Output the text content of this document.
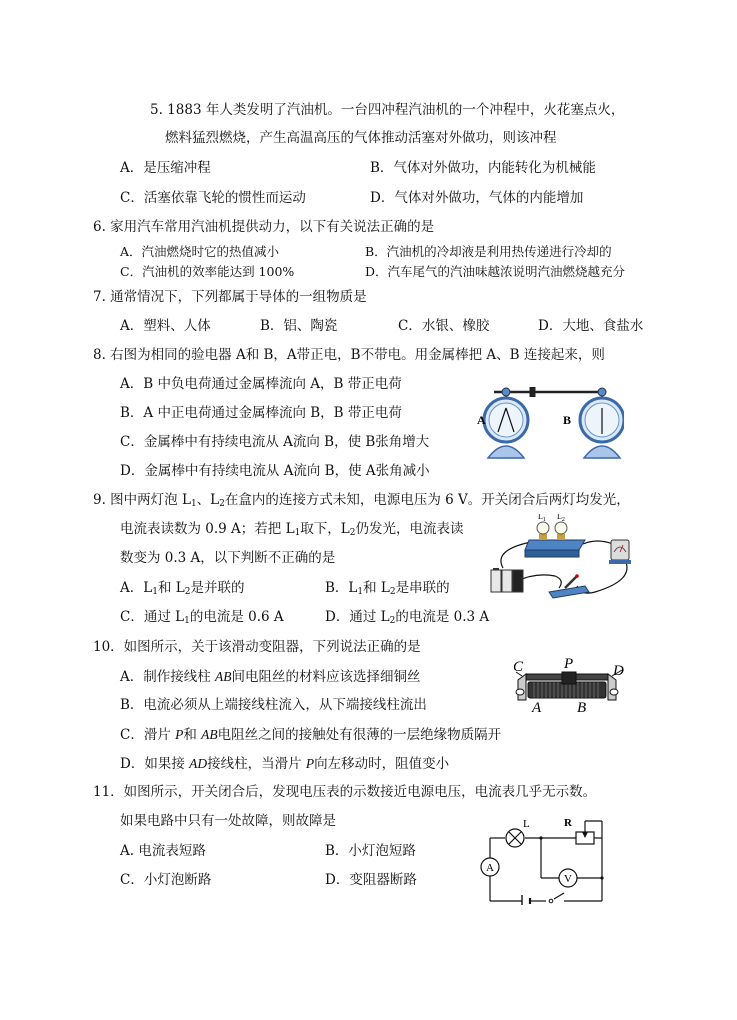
5. 1883 年人类发明了汽油机。一台四冲程汽油机的一个冲程中，火花塞点火，
燃料猛烈燃烧，产生高温高压的气体推动活塞对外做功，则该冲程
A．是压缩冲程	B．气体对外做功，内能转化为机械能
C．活塞依靠飞轮的惯性而运动	D．气体对外做功，气体的内能增加
6. 家用汽车常用汽油机提供动力，以下有关说法正确的是
A．汽油燃烧时它的热值减小	B．汽油机的冷却液是利用热传递进行冷却的
C．汽油机的效率能达到 100%	D．汽车尾气的汽油味越浓说明汽油燃烧越充分
7. 通常情况下，下列都属于导体的一组物质是
A．塑料、人体	B．铝、陶瓷	C．水银、橡胶	D．大地、食盐水
8. 右图为相同的验电器 A和 B，A带正电，B不带电。用金属棒把 A、B 连接起来，则
A．B 中负电荷通过金属棒流向 A，B 带正电荷
B．A 中正电荷通过金属棒流向 B，B 带正电荷
C．金属棒中有持续电流从 A流向 B，使 B张角增大
D．金属棒中有持续电流从 A流向 B，使 A张角减小
A	B
9. 图中两灯泡 $L_1$、$L_2$在盒内的连接方式未知，电源电压为 6 V。开关闭合后两灯均发光，
电流表读数为 0.9 A；若把 $L_1$取下，$L_2$仍发光，电流表读
数变为 0.3 A，以下判断不正确的是
A．$L_1$和 $L_2$是并联的	B．$L_1$和 $L_2$是串联的
C．通过 $L_1$的电流是 0.6 A	D．通过 $L_2$的电流是 0.3 A
$L_1$ $L_2$
10．如图所示，关于该滑动变阻器，下列说法正确的是
A．制作接线柱 AB间电阻丝的材料应该选择细铜丝
B．电流必须从上端接线柱流入，从下端接线柱流出
C．滑片 P和 AB电阻丝之间的接触处有很薄的一层绝缘物质隔开
D．如果接 AD接线柱，当滑片 P向左移动时，阻值变小
C	P	D
A B
11．如图所示，开关闭合后，发现电压表的示数接近电源电压，电流表几乎无示数。
如果电路中只有一处故障，则故障是
A. 电流表短路	B．小灯泡短路
C．小灯泡断路	D．变阻器断路
L	R
A
V
